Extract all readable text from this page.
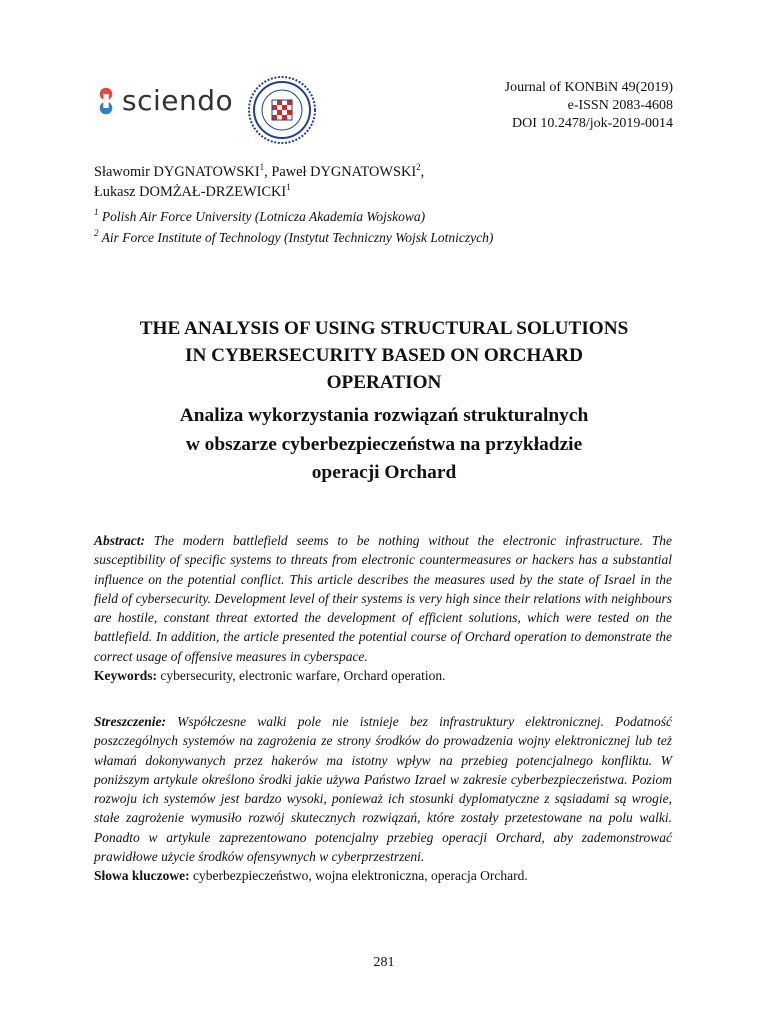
sciendo	Journal of KONBiN 49(2019)
e-ISSN 2083-4608
DOI 10.2478/jok-2019-0014
Sławomir DYGNATOWSKI$^1$, Paweł DYGNATOWSKI$^2$,
Łukasz DOMŻAŁ-DRZEWICKI$^1$
$^1$ Polish Air Force University (Lotnicza Akademia Wojskowa)
$^2$ Air Force Institute of Technology (Instytut Techniczny Wojsk Lotniczych)
THE ANALYSIS OF USING STRUCTURAL SOLUTIONS
IN CYBERSECURITY BASED ON ORCHARD
OPERATION
Analiza wykorzystania rozwiązań strukturalnych
w obszarze cyberbezpieczeństwa na przykładzie
operacji Orchard

Abstract: The modern battlefield seems to be nothing without the electronic infrastructure. The susceptibility of specific systems to threats from electronic countermeasures or hackers has a substantial influence on the potential conflict. This article describes the measures used by the state of Israel in the field of cybersecurity. Development level of their systems is very high since their relations with neighbours are hostile, constant threat extorted the development of efficient solutions, which were tested on the battlefield. In addition, the article presented the potential course of Orchard operation to demonstrate the correct usage of offensive measures in cyberspace.

Keywords: cybersecurity, electronic warfare, Orchard operation.

Streszczenie: Współczesne walki pole nie istnieje bez infrastruktury elektronicznej. Podatność poszczególnych systemów na zagrożenia ze strony środków do prowadzenia wojny elektronicznej lub też włamań dokonywanych przez hakerów ma istotny wpływ na przebieg potencjalnego konfliktu. W poniższym artykule określono środki jakie używa Państwo Izrael w zakresie cyberbezpieczeństwa. Poziom rozwoju ich systemów jest bardzo wysoki, ponieważ ich stosunki dyplomatyczne z sąsiadami są wrogie, stałe zagrożenie wymusiło rozwój skutecznych rozwiązań, które zostały przetestowane na polu walki. Ponadto w artykule zaprezentowano potencjalny przebieg operacji Orchard, aby zademonstrować prawidłowe użycie środków ofensywnych w cyberprzestrzeni.

Słowa kluczowe: cyberbezpieczeństwo, wojna elektroniczna, operacja Orchard.

281
